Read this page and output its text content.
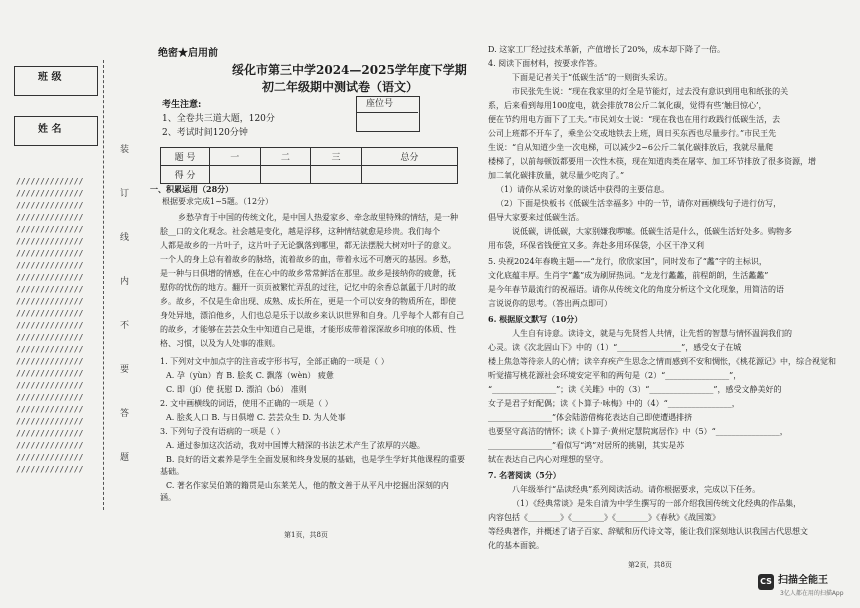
班 级
姓 名
//////////////
//////////////
//////////////
//////////////
//////////////
//////////////
//////////////
//////////////
//////////////
//////////////
//////////////
//////////////
//////////////
//////////////
//////////////
//////////////
//////////////
//////////////
//////////////
//////////////
//////////////
//////////////
//////////////
//////////////
//////////////
装
订
线
内
不
要
答
题
绝密★启用前
绥化市第三中学2024—2025学年度下学期
初二年级期中测试卷（语文）
考生注意:
1、全卷共三道大题，120分
2、考试时间120分钟
座位号
题 号	一	二	三	总分
得 分				
一、积累运用（28分）
根据要求完成1~5题。（12分）
乡愁孕育于中国的传统文化，是中国人热爱家乡、牵念故里特殊的情结，是一种
脍__口的文化观念。社会越是变化，越是浮移，这种情结就愈是珍贵。我们每个
人都是故乡的一片叶子，这片叶子无论飘落到哪里，都无法摆脱大树对叶子的意义。
一个人的身上总有着故乡的脉络，流着故乡的血，带着永远不可磨灭的基因。乡愁，
是一种与日俱增的情感，住在心中的故乡常常鲜活在那里。故乡是接纳你的疲惫，抚
慰你的忧伤的地方。翻开一页页被繁忙弄乱的过往，记忆中的余香总氤氲于几时的故
乡。故乡，不仅是生命出现、成熟、成长所在，更是一个可以安身的物质所在，即使
身处异地，漂泊他乡，人们也总是乐于以故乡来认识世界和自身。几乎每个人都有自己
的故乡，才能够在芸芸众生中知道自己是谁，才能形成带着深深故乡印痕的体质、性
格、习惯，以及为人处事的准则。
1. 下列对文中加点字的注音或字形书写，全部正确的一项是（ ）
A. 孕（yùn）育 B. 脍炙 C. 飘落（wèn） 疲惫
C. 即（jí）使 抚慰 D. 漂泊（bó） 准则
2. 文中画横线的词语，使用不正确的一项是（ ）
A. 脍炙人口 B. 与日俱增 C. 芸芸众生 D. 为人处事
3. 下列句子没有语病的一项是（ ）
A. 通过参加这次活动，我对中国博大精深的书法艺术产生了浓厚的兴趣。
B. 良好的语文素养是学生全面发展和终身发展的基础，也是学生学好其他课程的重要
基础。
C. 著名作家吴伯箫的籍贯是山东莱芜人，他的散文善于从平凡中挖掘出深刻的内
涵。
第1页，共8页
D. 这家工厂经过技术革新，产值增长了20%，成本却下降了一倍。
4. 阅读下面材料，按要求作答。
下面是记者关于“低碳生活”的一则街头采访。
市民张先生说：“现在我家里的灯全是节能灯，过去没有意识到用电和纸张的关
系，后来看到每用100度电，就会排放78公斤二氧化碳，觉得有些‘触目惊心’，
便在节约用电方面下了工夫。”市民刘女士说：“现在我也在用行政践行低碳生活，去
公司上班都不开车了，乘坐公交或地铁去上班，周日买东西也尽量步行。”市民王先
生说：“自从知道少坐一次电梯，可以减少2~6公斤二氧化碳排放后，我就尽量爬
楼梯了，以前每顿饭都要用一次性木筷，现在知道肉类在屠宰、加工环节排放了很多资源，增
加二氧化碳排放量，就尽量少吃肉了。”
（1）请你从采访对象的谈话中获得的主要信息。
（2）下面是快板书《低碳生活幸福多》中的一节，请你对画横线句子进行仿写，
倡导大家要来过低碳生活。
说低碳，讲低碳，大家别嫌我啰嗦。低碳生活是什么，低碳生活好处多。购物多
用布袋，环保省钱便宜又多。奔赴多用环保袋，小区干净又利
5. 央视2024年春晚主题——“龙行，欣欣家国”，同时发布了“蠡”字的主标识，
文化底蕴丰厚。生肖字“蠡”成为刷屏热词。“龙龙行蠡蠡，前程朗朗，生活蠡蠡”
是今年春节最流行的祝福语。请你从传统文化的角度分析这个文化现象，用简洁的语
言说说你的思考。（答出两点即可）
6. 根据原文默写（10分）
人生自有诗意。读诗文，就是与先贤哲人共情，让先哲的智慧与情怀温润我们的
心灵。读《次北固山下》中的（1）“________________”，感受女子在城
楼上焦急等待亲人的心情；读辛弃疾产生思念之情而感到不安和惆怅，《桃花源记》中，综合视觉和
听觉描写桃花源社会环境安定平和的两句是（2）“________________”，
“________________”；读《关雎》中的（3）“________________”，感受文静美好的
女子是君子好配偶；读《卜算子·咏梅》中的（4）“________________，
________________”体会陆游借梅花表达自己即使遭遇排挤
也要坚守高洁的情怀；读《卜算子·黄州定慧院寓居作》中（5）“________________，
________________”看似写“鸿”对居所的挑剔，其实是苏
轼在表达自己内心对理想的坚守。
7. 名著阅读（5分）
八年级举行“品读经典”系列阅读活动。请你根据要求，完成以下任务。
（1）《经典常谈》是朱自清为中学生撰写的一部介绍我国传统文化经典的作品集，
内容包括《________》《________》《________》《春秋》《战国策》
等经典著作，并概述了诸子百家、辞赋和历代诗文等，能让我们深刻地认识我国古代思想文
化的基本面貌。
第2页，共8页
CS 扫描全能王
3亿人都在用的扫描App
